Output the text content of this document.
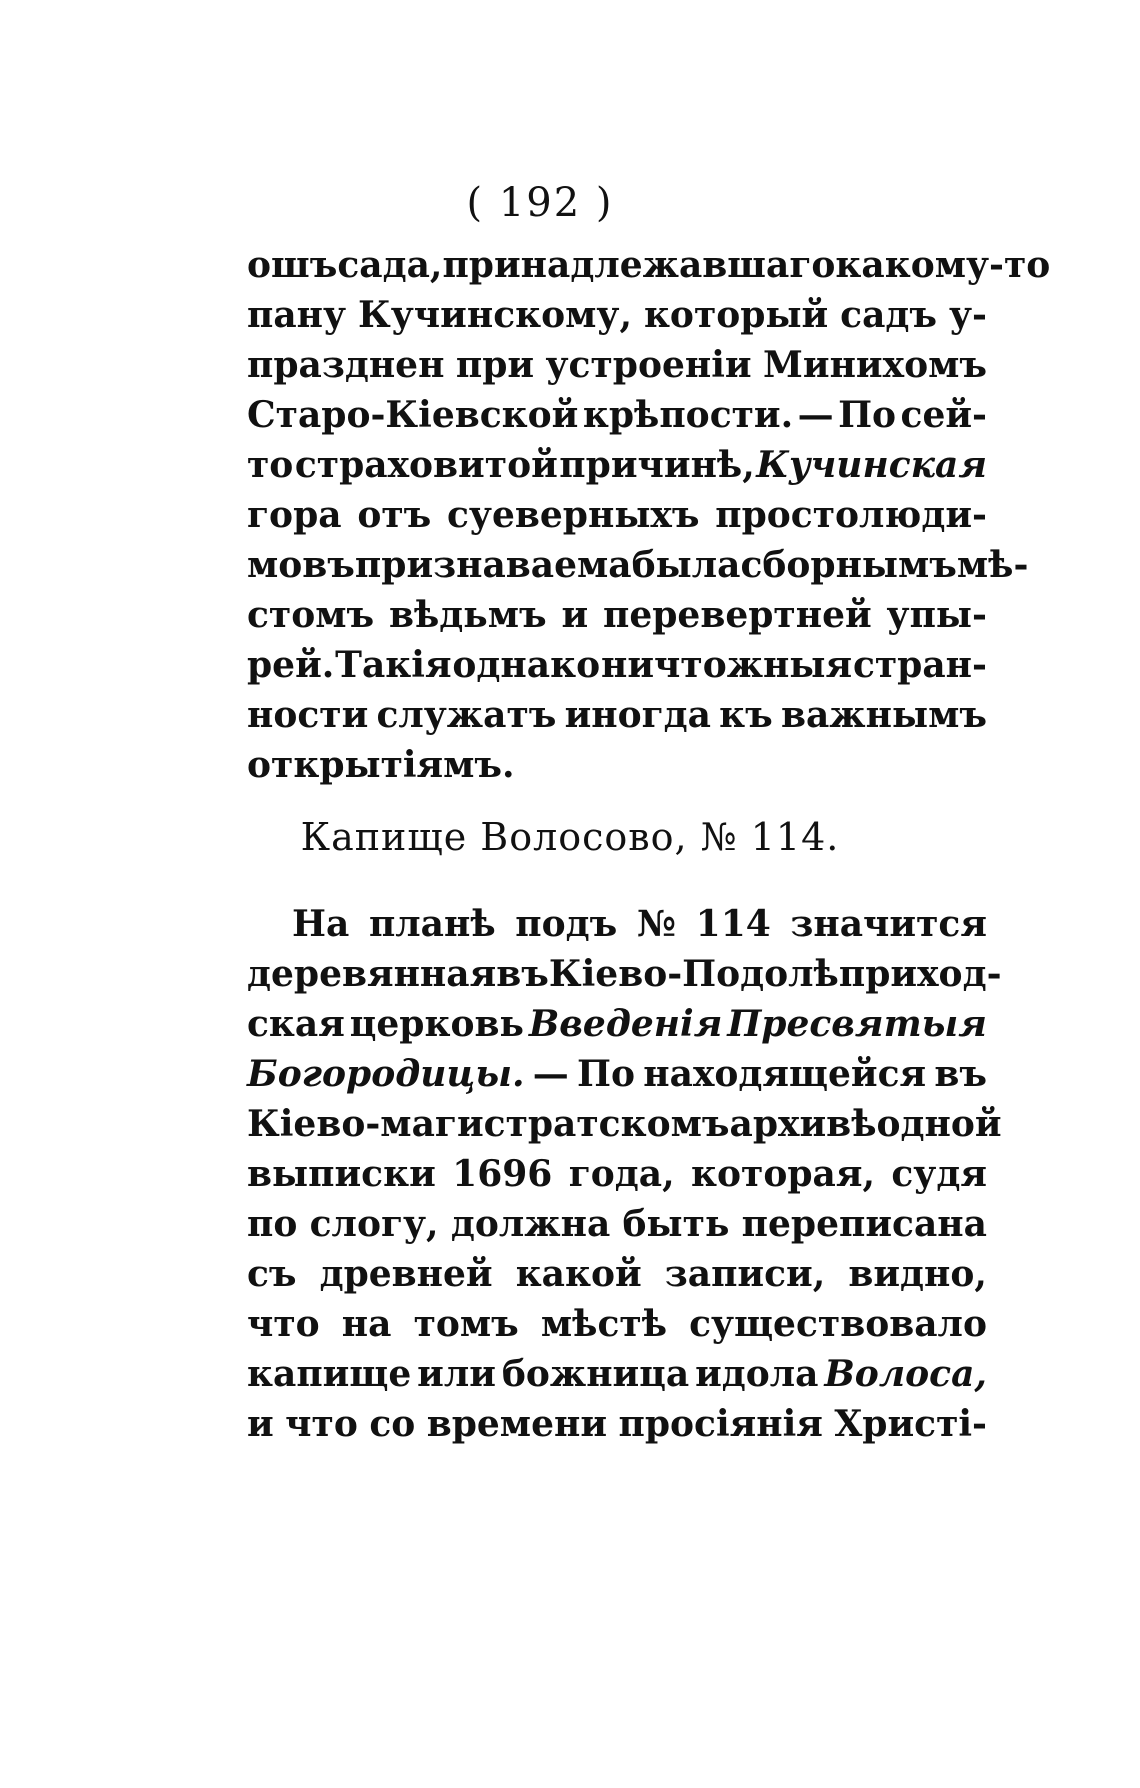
( 192 )
ошъ сада, принадлежавшаго какому-то
пану Кучинскому, который садъ у-
празднен при устроенiи Минихомъ
Старо-Кiевской крѣпости. — По сей-
то страховитой причинѣ, Кучинская
гора отъ суеверныхъ простолюди-
мовъ признаваема была сборнымъ мѣ-
стомъ вѣдьмъ и перевертней упы-
рей. Такiя однако ничтожныя стран-
ности служатъ иногда къ важнымъ
открытiямъ.
Капище Волосово, № 114.
На планѣ подъ № 114 значится
деревянная въ Кiево-Подолѣ приход-
ская церковь Введенiя Пресвятыя
Богородицы. — По находящейся въ
Кiево-магистратскомъ архивѣ одной
выписки 1696 года, которая, судя
по слогу, должна быть переписана
съ древней какой записи, видно,
что на томъ мѣстѣ существовало
капище или божница идола Волоса,
и что со времени просiянiя Христi-
